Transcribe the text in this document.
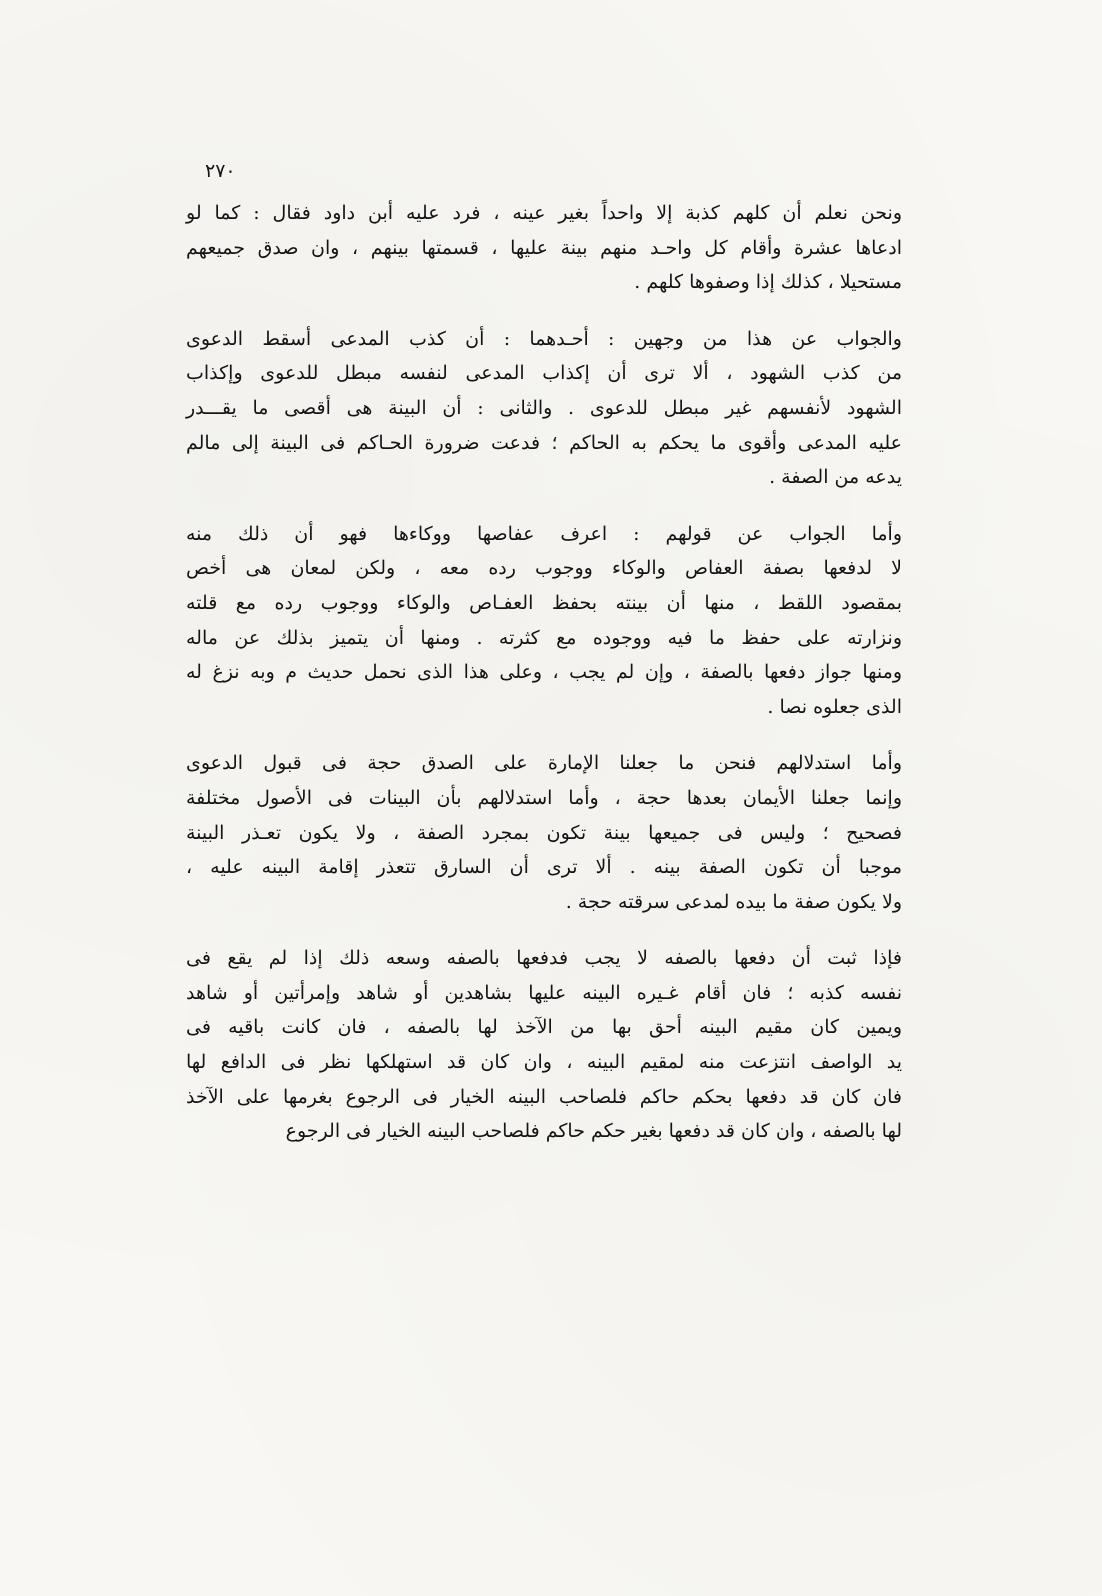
٢٧٠
ونحن نعلم أن كلهم كذبة إلا واحداً بغير عينه ، فرد عليه أبن داود فقال : كما لو
ادعاها عشرة وأقام كل واحـد منهم بينة عليها ، قسمتها بينهم ، وان صدق جميعهم
مستحيلا ، كذلك إذا وصفوها كلهم .
والجواب عن هذا من وجهين : أحـدهما : أن كذب المدعى أسقط الدعوى
من كذب الشهود ، ألا ترى أن إكذاب المدعى لنفسه مبطل للدعوى وإكذاب
الشهود لأنفسهم غير مبطل للدعوى . والثانى : أن البينة هى أقصى ما يقـــدر
عليه المدعى وأقوى ما يحكم به الحاكم ؛ فدعت ضرورة الحـاكم فى البينة إلى مالم
يدعه من الصفة .
وأما الجواب عن قولهم : اعرف عفاصها ووكاءها فهو أن ذلك منه
لا لدفعها بصفة العفاص والوكاء ووجوب رده معه ، ولكن لمعان هى أخص
بمقصود اللقط ، منها أن بينته بحفظ العفـاص والوكاء ووجوب رده مع قلته
ونزارته على حفظ ما فيه ووجوده مع كثرته . ومنها أن يتميز بذلك عن ماله
ومنها جواز دفعها بالصفة ، وإن لم يجب ، وعلى هذا الذى نحمل حديث م وبه نزغ له
الذى جعلوه نصا .
وأما استدلالهم فنحن ما جعلنا الإمارة على الصدق حجة فى قبول الدعوى
وإنما جعلنا الأيمان بعدها حجة ، وأما استدلالهم بأن البينات فى الأصول مختلفة
فصحيح ؛ وليس فى جميعها بينة تكون بمجرد الصفة ، ولا يكون تعـذر البينة
موجبا أن تكون الصفة بينه . ألا ترى أن السارق تتعذر إقامة البينه عليه ،
ولا يكون صفة ما بيده لمدعى سرقته حجة .
فإذا ثبت أن دفعها بالصفه لا يجب فدفعها بالصفه وسعه ذلك إذا لم يقع فى
نفسه كذبه ؛ فان أقام غـيره البينه عليها بشاهدين أو شاهد وإمرأتين أو شاهد
ويمين كان مقيم البينه أحق بها من الآخذ لها بالصفه ، فان كانت باقيه فى
يد الواصف انتزعت منه لمقيم البينه ، وان كان قد استهلكها نظر فى الدافع لها
فان كان قد دفعها بحكم حاكم فلصاحب البينه الخيار فى الرجوع بغرمها على الآخذ
لها بالصفه ، وان كان قد دفعها بغير حكم حاكم فلصاحب البينه الخيار فى الرجوع
